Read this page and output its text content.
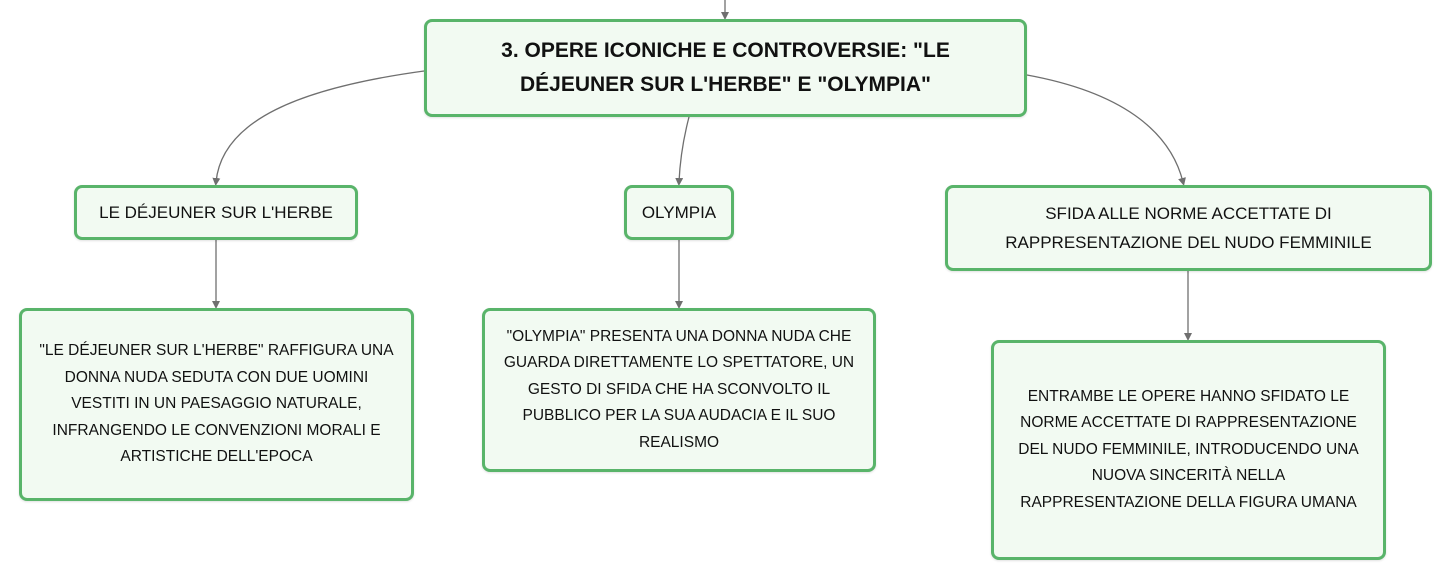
3. OPERE ICONICHE E CONTROVERSIE: "LE
DÉJEUNER SUR L'HERBE" E "OLYMPIA"
LE DÉJEUNER SUR L'HERBE	OLYMPIA	SFIDA ALLE NORME ACCETTATE DI
RAPPRESENTAZIONE DEL NUDO FEMMINILE
"LE DÉJEUNER SUR L'HERBE" RAFFIGURA UNA
DONNA NUDA SEDUTA CON DUE UOMINI
VESTITI IN UN PAESAGGIO NATURALE,
INFRANGENDO LE CONVENZIONI MORALI E
ARTISTICHE DELL'EPOCA
"OLYMPIA" PRESENTA UNA DONNA NUDA CHE
GUARDA DIRETTAMENTE LO SPETTATORE, UN
GESTO DI SFIDA CHE HA SCONVOLTO IL
PUBBLICO PER LA SUA AUDACIA E IL SUO
REALISMO
ENTRAMBE LE OPERE HANNO SFIDATO LE
NORME ACCETTATE DI RAPPRESENTAZIONE
DEL NUDO FEMMINILE, INTRODUCENDO UNA
NUOVA SINCERITÀ NELLA
RAPPRESENTAZIONE DELLA FIGURA UMANA
